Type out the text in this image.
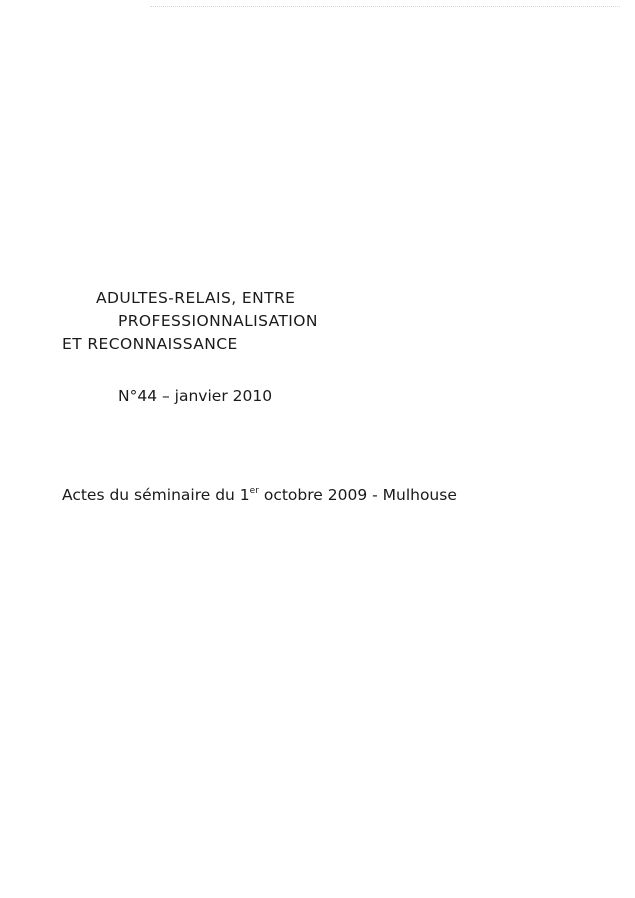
ADULTES-RELAIS, ENTRE
PROFESSIONNALISATION
ET RECONNAISSANCE
N°44 – janvier 2010
Actes du séminaire du 1er octobre 2009 - Mulhouse
